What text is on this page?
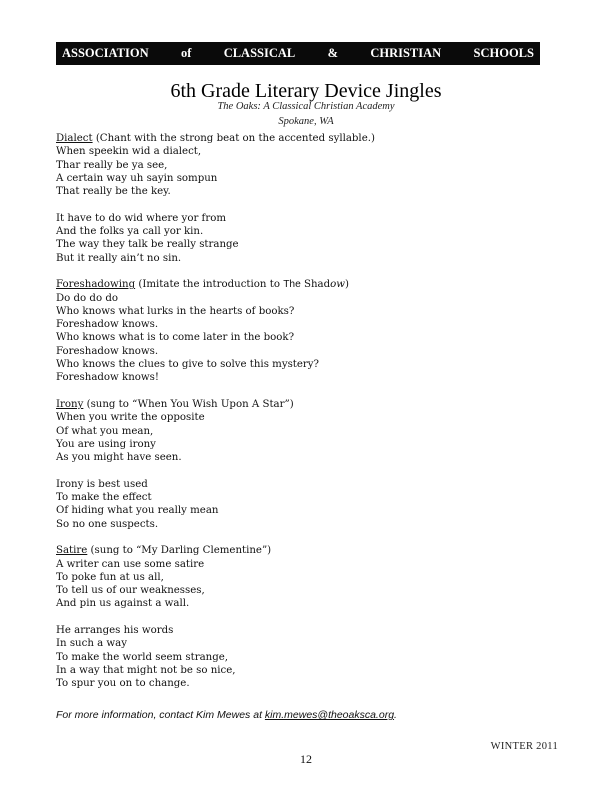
ASSOCIATION	of	CLASSICAL	&	CHRISTIAN	SCHOOLS
6th Grade Literary Device Jingles
The Oaks: A Classical Christian Academy
Spokane, WA
Dialect (Chant with the strong beat on the accented syllable.)
When speekin wid a dialect,
Thar really be ya see,
A certain way uh sayin sompun
That really be the key.
It have to do wid where yor from
And the folks ya call yor kin.
The way they talk be really strange
But it really ain’t no sin.
Foreshadowing (Imitate the introduction to The Shadow)
Do do do do
Who knows what lurks in the hearts of books?
Foreshadow knows.
Who knows what is to come later in the book?
Foreshadow knows.
Who knows the clues to give to solve this mystery?
Foreshadow knows!
Irony (sung to “When You Wish Upon A Star”)
When you write the opposite
Of what you mean,
You are using irony
As you might have seen.
Irony is best used
To make the effect
Of hiding what you really mean
So no one suspects.
Satire (sung to “My Darling Clementine”)
A writer can use some satire
To poke fun at us all,
To tell us of our weaknesses,
And pin us against a wall.
He arranges his words
In such a way
To make the world seem strange,
In a way that might not be so nice,
To spur you on to change.
For more information, contact Kim Mewes at kim.mewes@theoaksca.org.
WINTER 2011
12
